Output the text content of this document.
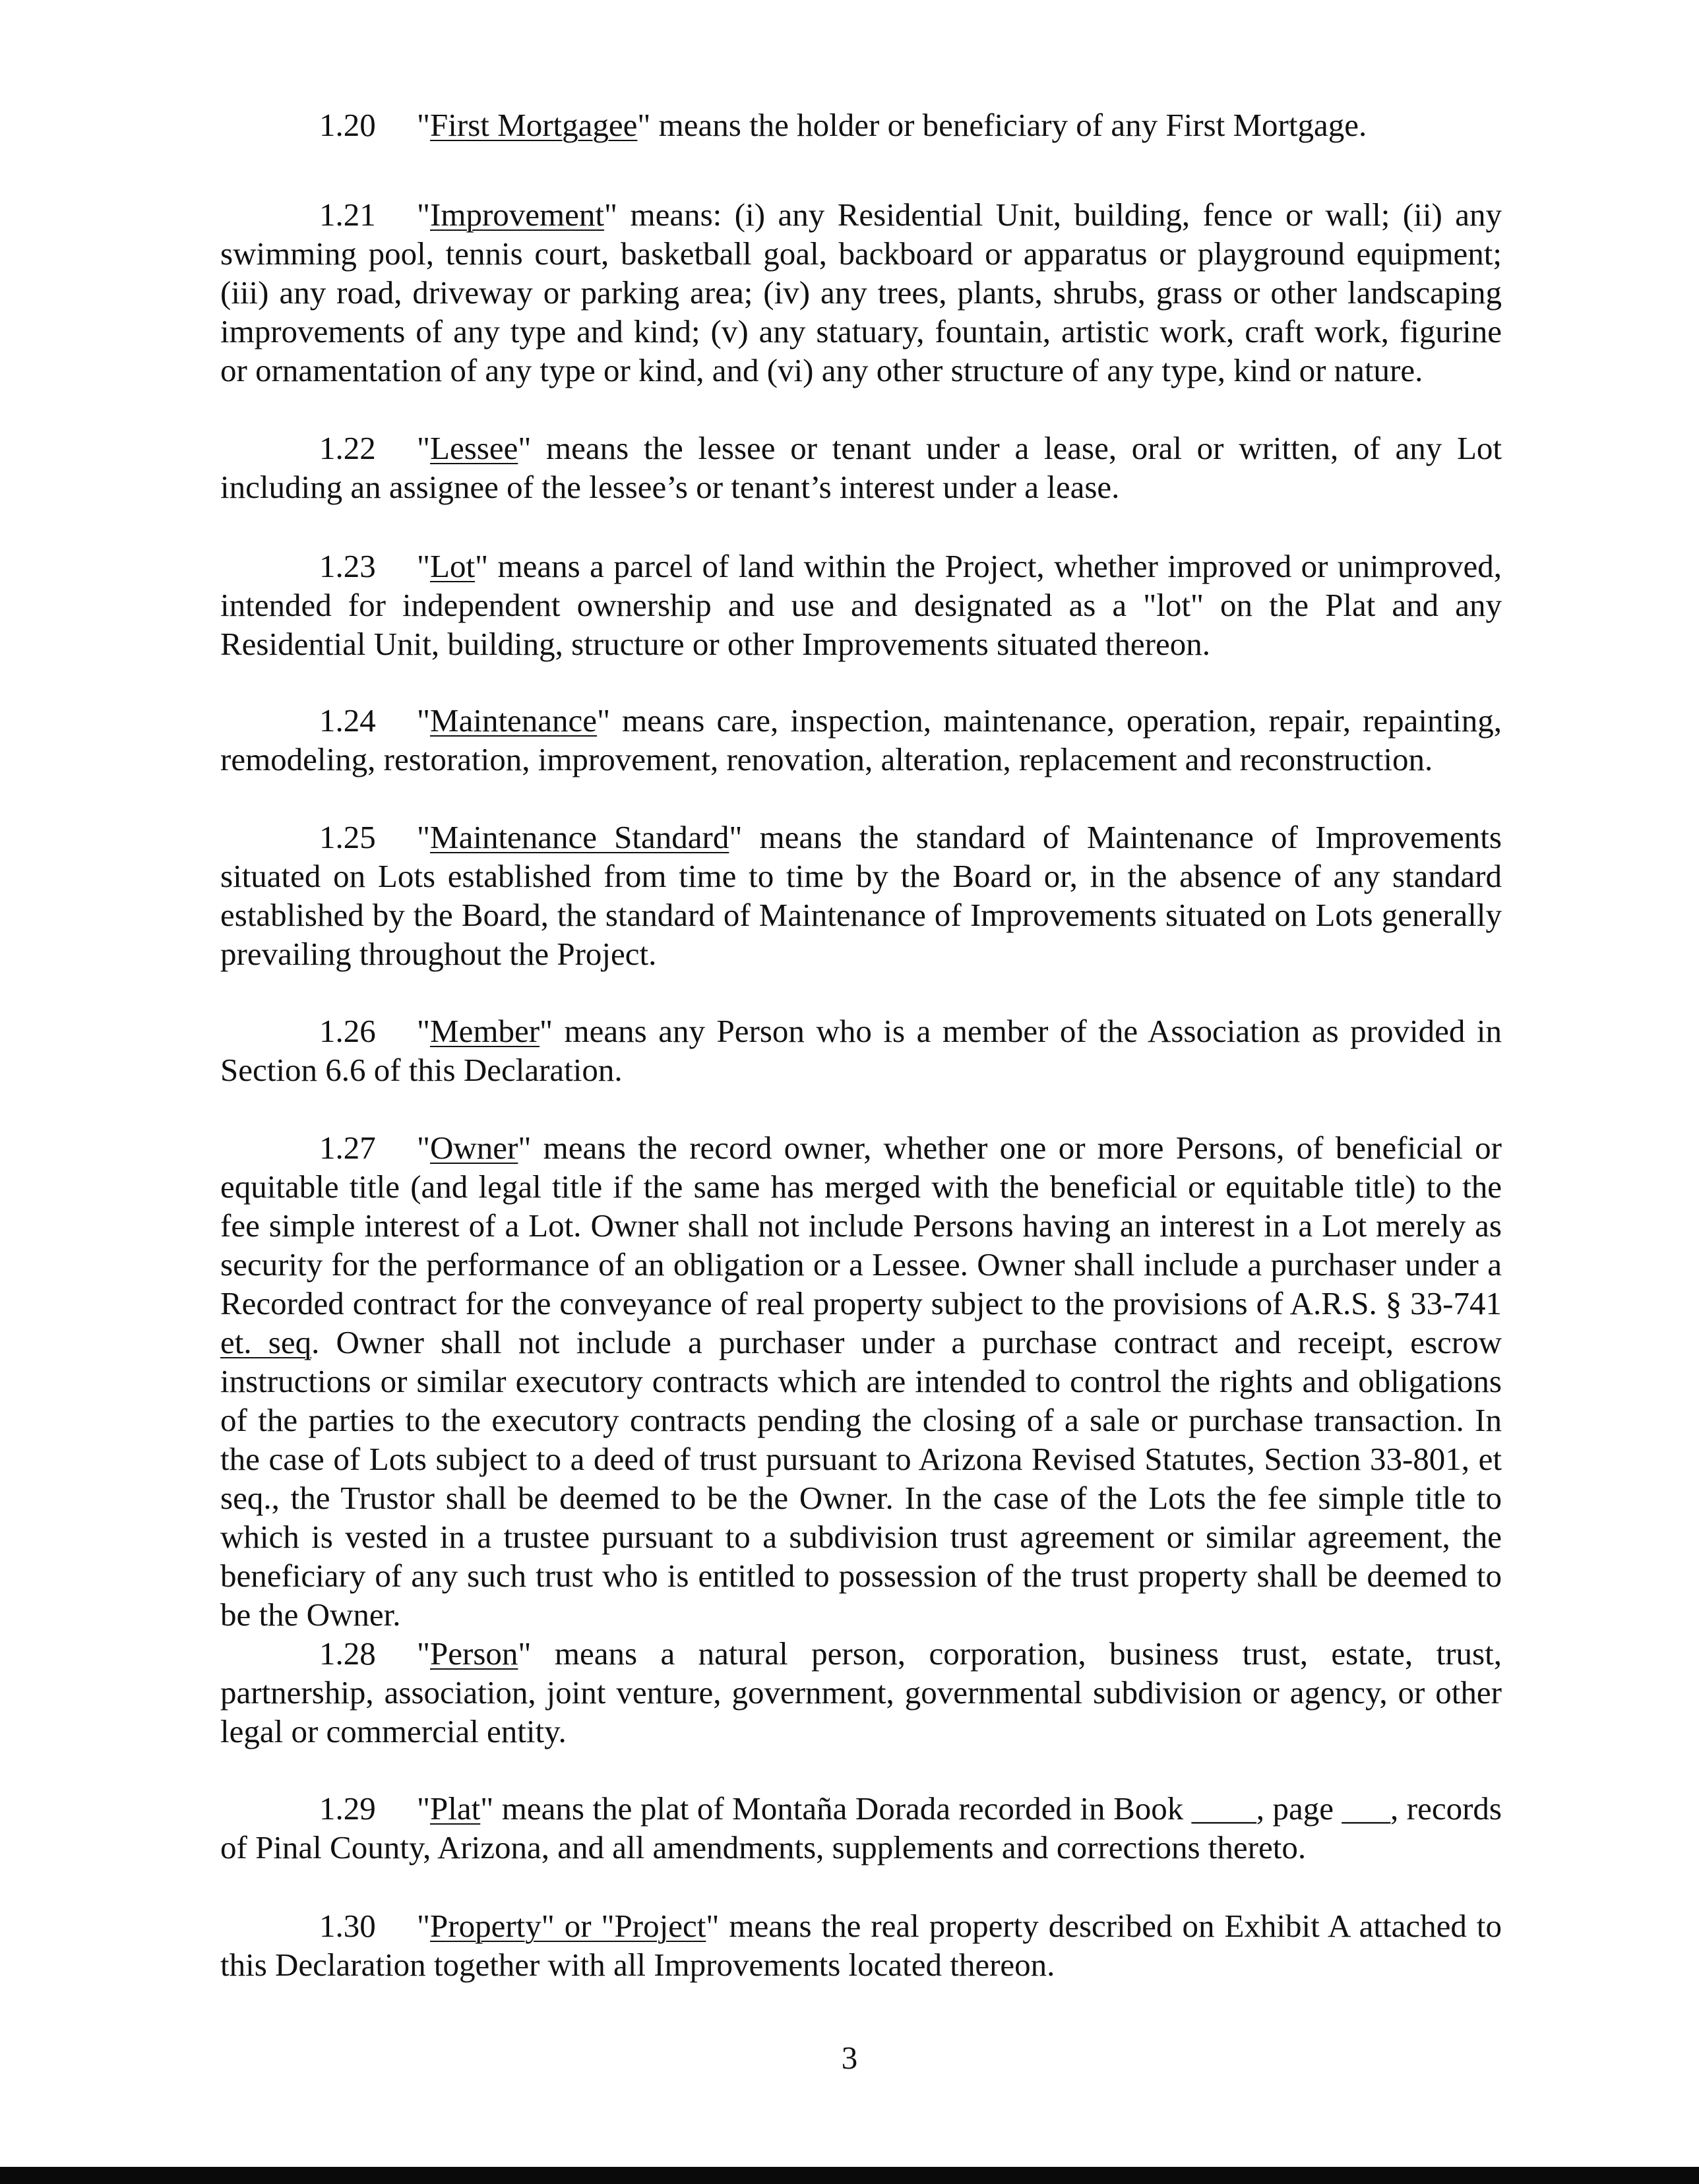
1.20 "First Mortgagee" means the holder or beneficiary of any First Mortgage.

1.21 "Improvement" means: (i) any Residential Unit, building, fence or wall; (ii) any swimming pool, tennis court, basketball goal, backboard or apparatus or playground equipment; (iii) any road, driveway or parking area; (iv) any trees, plants, shrubs, grass or other landscaping improvements of any type and kind; (v) any statuary, fountain, artistic work, craft work, figurine or ornamentation of any type or kind, and (vi) any other structure of any type, kind or nature.

1.22 "Lessee" means the lessee or tenant under a lease, oral or written, of any Lot including an assignee of the lessee’s or tenant’s interest under a lease.

1.23 "Lot" means a parcel of land within the Project, whether improved or unimproved, intended for independent ownership and use and designated as a "lot" on the Plat and any Residential Unit, building, structure or other Improvements situated thereon.

1.24 "Maintenance" means care, inspection, maintenance, operation, repair, repainting, remodeling, restoration, improvement, renovation, alteration, replacement and reconstruction.

1.25 "Maintenance Standard" means the standard of Maintenance of Improvements situated on Lots established from time to time by the Board or, in the absence of any standard established by the Board, the standard of Maintenance of Improvements situated on Lots generally prevailing throughout the Project.

1.26 "Member" means any Person who is a member of the Association as provided in Section 6.6 of this Declaration.

1.27 "Owner" means the record owner, whether one or more Persons, of beneficial or equitable title (and legal title if the same has merged with the beneficial or equitable title) to the fee simple interest of a Lot. Owner shall not include Persons having an interest in a Lot merely as security for the performance of an obligation or a Lessee. Owner shall include a purchaser under a Recorded contract for the conveyance of real property subject to the provisions of A.R.S. § 33-741 et. seq. Owner shall not include a purchaser under a purchase contract and receipt, escrow instructions or similar executory contracts which are intended to control the rights and obligations of the parties to the executory contracts pending the closing of a sale or purchase transaction. In the case of Lots subject to a deed of trust pursuant to Arizona Revised Statutes, Section 33-801, et seq., the Trustor shall be deemed to be the Owner. In the case of the Lots the fee simple title to which is vested in a trustee pursuant to a subdivision trust agreement or similar agreement, the beneficiary of any such trust who is entitled to possession of the trust property shall be deemed to be the Owner.

1.28 "Person" means a natural person, corporation, business trust, estate, trust, partnership, association, joint venture, government, governmental subdivision or agency, or other legal or commercial entity.

1.29 "Plat" means the plat of Montaña Dorada recorded in Book ____, page ___, records of Pinal County, Arizona, and all amendments, supplements and corrections thereto.

1.30 "Property" or "Project" means the real property described on Exhibit A attached to this Declaration together with all Improvements located thereon.

3
